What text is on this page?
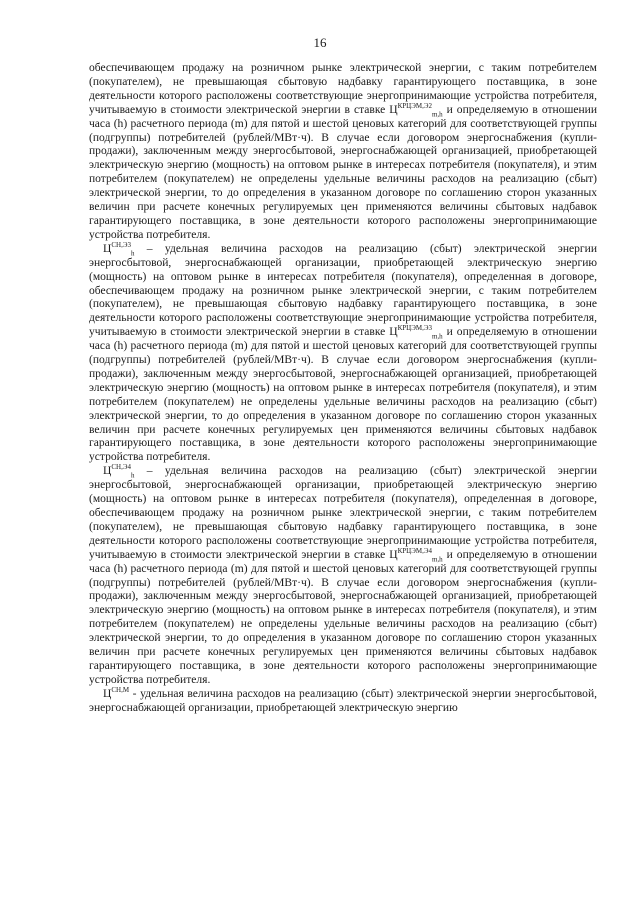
16

обеспечивающем продажу на розничном рынке электрической энергии, с таким потребителем (покупателем), не превышающая сбытовую надбавку гарантирующего поставщика, в зоне деятельности которого расположены соответствующие энергопринимающие устройства потребителя, учитываемую в стоимости электрической энергии в ставке $Ц^{КРЦЭМ,Э2}_{m,h}$ и определяемую в отношении часа (h) расчетного периода (m) для пятой и шестой ценовых категорий для соответствующей группы (подгруппы) потребителей (рублей/МВт·ч). В случае если договором энергоснабжения (купли-продажи), заключенным между энергосбытовой, энергоснабжающей организацией, приобретающей электрическую энергию (мощность) на оптовом рынке в интересах потребителя (покупателя), и этим потребителем (покупателем) не определены удельные величины расходов на реализацию (сбыт) электрической энергии, то до определения в указанном договоре по соглашению сторон указанных величин при расчете конечных регулируемых цен применяются величины сбытовых надбавок гарантирующего поставщика, в зоне деятельности которого расположены энергопринимающие устройства потребителя.

$Ц^{СН,Э3}_h$ – удельная величина расходов на реализацию (сбыт) электрической энергии энергосбытовой, энергоснабжающей организации, приобретающей электрическую энергию (мощность) на оптовом рынке в интересах потребителя (покупателя), определенная в договоре, обеспечивающем продажу на розничном рынке электрической энергии, с таким потребителем (покупателем), не превышающая сбытовую надбавку гарантирующего поставщика, в зоне деятельности которого расположены соответствующие энергопринимающие устройства потребителя, учитываемую в стоимости электрической энергии в ставке $Ц^{КРЦЭМ,Э3}_{m,h}$ и определяемую в отношении часа (h) расчетного периода (m) для пятой и шестой ценовых категорий для соответствующей группы (подгруппы) потребителей (рублей/МВт·ч). В случае если договором энергоснабжения (купли-продажи), заключенным между энергосбытовой, энергоснабжающей организацией, приобретающей электрическую энергию (мощность) на оптовом рынке в интересах потребителя (покупателя), и этим потребителем (покупателем) не определены удельные величины расходов на реализацию (сбыт) электрической энергии, то до определения в указанном договоре по соглашению сторон указанных величин при расчете конечных регулируемых цен применяются величины сбытовых надбавок гарантирующего поставщика, в зоне деятельности которого расположены энергопринимающие устройства потребителя.

$Ц^{СН,Э4}_h$ – удельная величина расходов на реализацию (сбыт) электрической энергии энергосбытовой, энергоснабжающей организации, приобретающей электрическую энергию (мощность) на оптовом рынке в интересах потребителя (покупателя), определенная в договоре, обеспечивающем продажу на розничном рынке электрической энергии, с таким потребителем (покупателем), не превышающая сбытовую надбавку гарантирующего поставщика, в зоне деятельности которого расположены соответствующие энергопринимающие устройства потребителя, учитываемую в стоимости электрической энергии в ставке $Ц^{КРЦЭМ,Э4}_{m,h}$ и определяемую в отношении часа (h) расчетного периода (m) для пятой и шестой ценовых категорий для соответствующей группы (подгруппы) потребителей (рублей/МВт·ч). В случае если договором энергоснабжения (купли-продажи), заключенным между энергосбытовой, энергоснабжающей организацией, приобретающей электрическую энергию (мощность) на оптовом рынке в интересах потребителя (покупателя), и этим потребителем (покупателем) не определены удельные величины расходов на реализацию (сбыт) электрической энергии, то до определения в указанном договоре по соглашению сторон указанных величин при расчете конечных регулируемых цен применяются величины сбытовых надбавок гарантирующего поставщика, в зоне деятельности которого расположены энергопринимающие устройства потребителя.

$Ц^{СН,М}$ - удельная величина расходов на реализацию (сбыт) электрической энергии энергосбытовой, энергоснабжающей организации, приобретающей электрическую энергию
